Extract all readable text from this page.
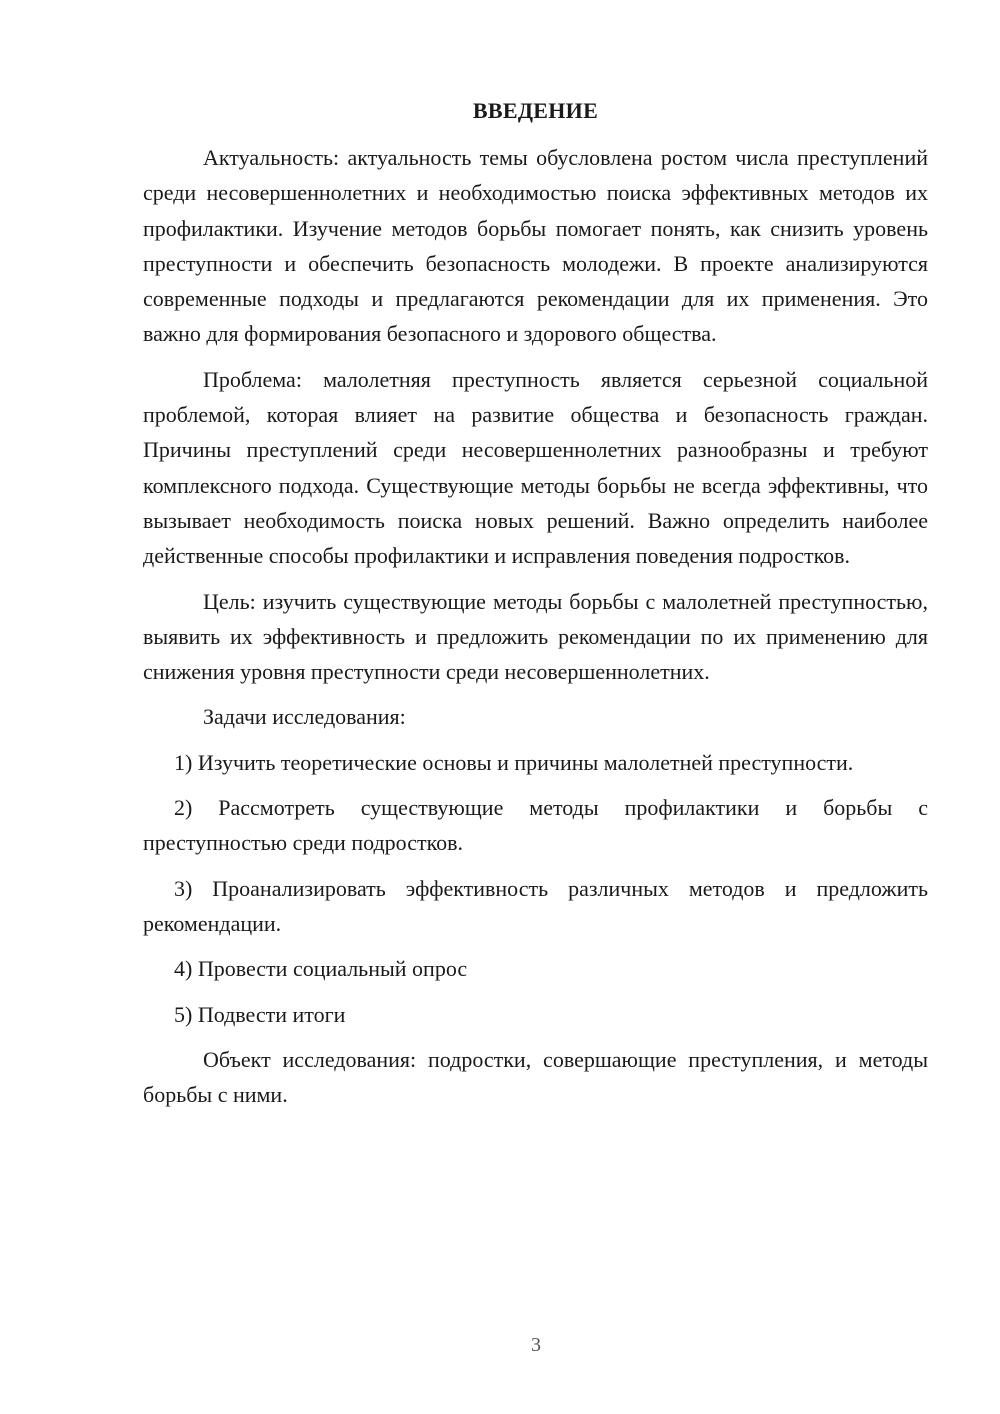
ВВЕДЕНИЕ

Актуальность: актуальность темы обусловлена ростом числа преступлений среди несовершеннолетних и необходимостью поиска эффективных методов их профилактики. Изучение методов борьбы помогает понять, как снизить уровень преступности и обеспечить безопасность молодежи. В проекте анализируются современные подходы и предлагаются рекомендации для их применения. Это важно для формирования безопасного и здорового общества.

Проблема: малолетняя преступность является серьезной социальной проблемой, которая влияет на развитие общества и безопасность граждан. Причины преступлений среди несовершеннолетних разнообразны и требуют комплексного подхода. Существующие методы борьбы не всегда эффективны, что вызывает необходимость поиска новых решений. Важно определить наиболее действенные способы профилактики и исправления поведения подростков.

Цель: изучить существующие методы борьбы с малолетней преступностью, выявить их эффективность и предложить рекомендации по их применению для снижения уровня преступности среди несовершеннолетних.

Задачи исследования:

1) Изучить теоретические основы и причины малолетней преступности.

2) Рассмотреть существующие методы профилактики и борьбы с преступностью среди подростков.

3) Проанализировать эффективность различных методов и предложить рекомендации.

4) Провести социальный опрос

5) Подвести итоги

Объект исследования: подростки, совершающие преступления, и методы борьбы с ними.

3
